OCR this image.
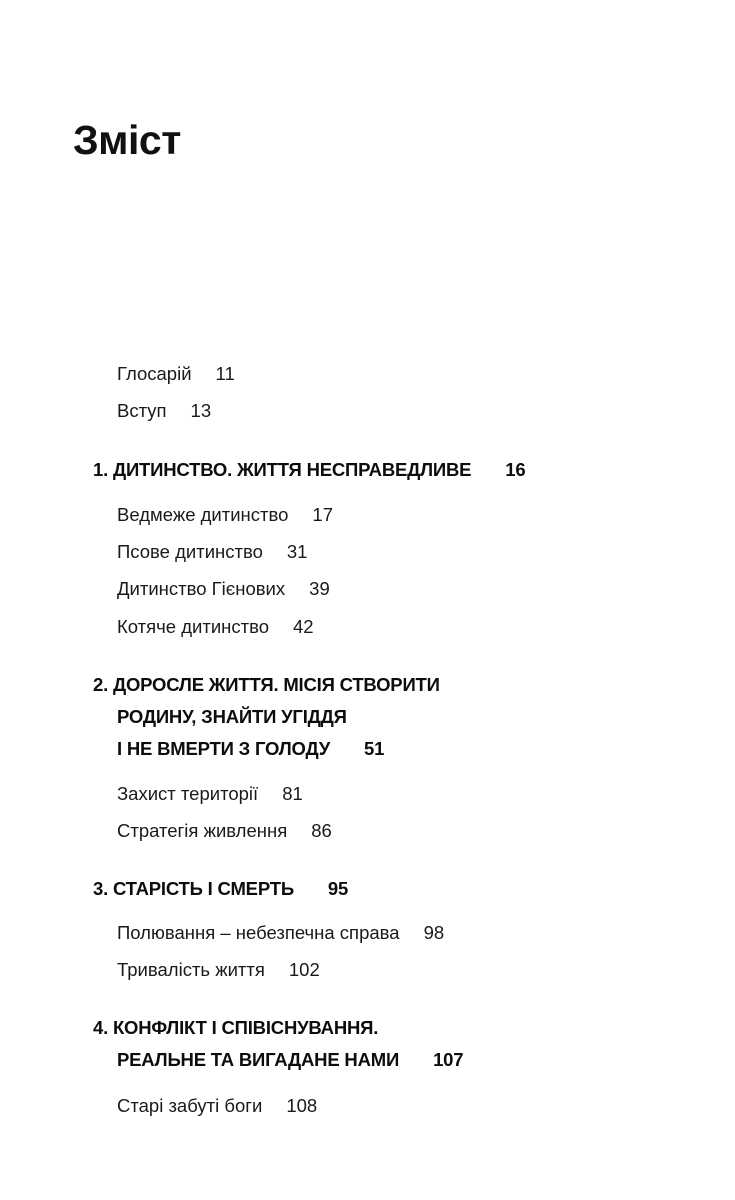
Зміст
Глосарій 11
Вступ 13
1. ДИТИНСТВО. ЖИТТЯ НЕСПРАВЕДЛИВЕ 16
Ведмеже дитинство 17
Псове дитинство 31
Дитинство Гієнових 39
Котяче дитинство 42
2. ДОРОСЛЕ ЖИТТЯ. МІСІЯ СТВОРИТИ
РОДИНУ, ЗНАЙТИ УГІДДЯ
І НЕ ВМЕРТИ З ГОЛОДУ 51
Захист території 81
Стратегія живлення 86
3. СТАРІСТЬ І СМЕРТЬ 95
Полювання – небезпечна справа 98
Тривалість життя 102
4. КОНФЛІКТ І СПІВІСНУВАННЯ.
РЕАЛЬНЕ ТА ВИГАДАНЕ НАМИ 107
Старі забуті боги 108
